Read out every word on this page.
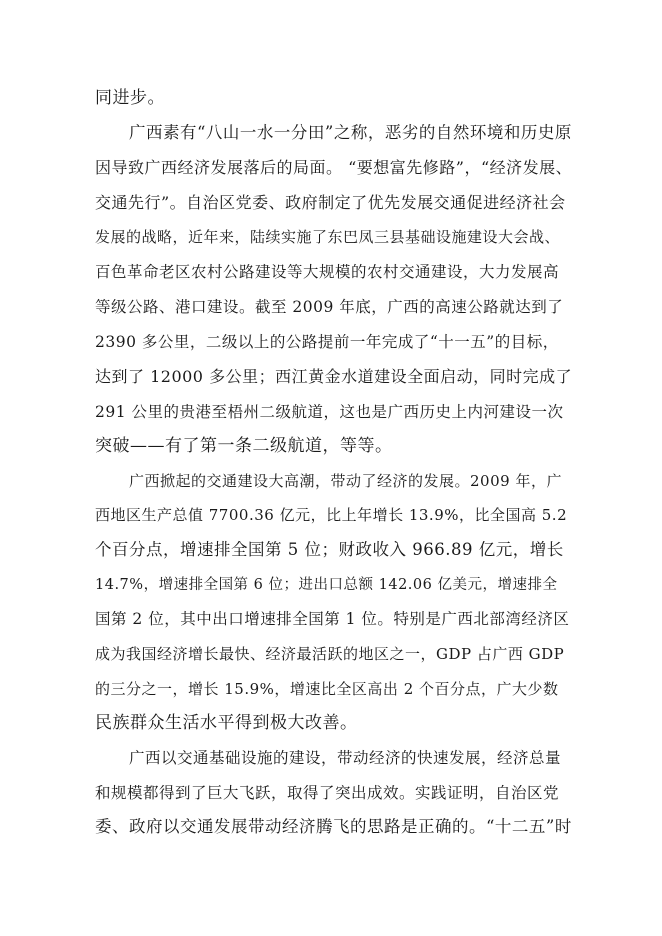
同进步。
广西素有“八山一水一分田”之称，恶劣的自然环境和历史原
因导致广西经济发展落后的局面。 “要想富先修路”，“经济发展、
交通先行”。自治区党委、政府制定了优先发展交通促进经济社会
发展的战略，近年来，陆续实施了东巴凤三县基础设施建设大会战、
百色革命老区农村公路建设等大规模的农村交通建设，大力发展高
等级公路、港口建设。截至 2009 年底，广西的高速公路就达到了
2390 多公里，二级以上的公路提前一年完成了“十一五”的目标，
达到了 12000 多公里；西江黄金水道建设全面启动，同时完成了
291 公里的贵港至梧州二级航道，这也是广西历史上内河建设一次
突破——有了第一条二级航道，等等。
广西掀起的交通建设大高潮，带动了经济的发展。2009 年，广
西地区生产总值 7700.36 亿元，比上年增长 13.9%，比全国高 5.2
个百分点，增速排全国第 5 位；财政收入 966.89 亿元，增长
14.7%，增速排全国第 6 位；进出口总额 142.06 亿美元，增速排全
国第 2 位，其中出口增速排全国第 1 位。特别是广西北部湾经济区
成为我国经济增长最快、经济最活跃的地区之一，GDP 占广西 GDP
的三分之一，增长 15.9%，增速比全区高出 2 个百分点，广大少数
民族群众生活水平得到极大改善。
广西以交通基础设施的建设，带动经济的快速发展，经济总量
和规模都得到了巨大飞跃，取得了突出成效。实践证明，自治区党
委、政府以交通发展带动经济腾飞的思路是正确的。“十二五”时
